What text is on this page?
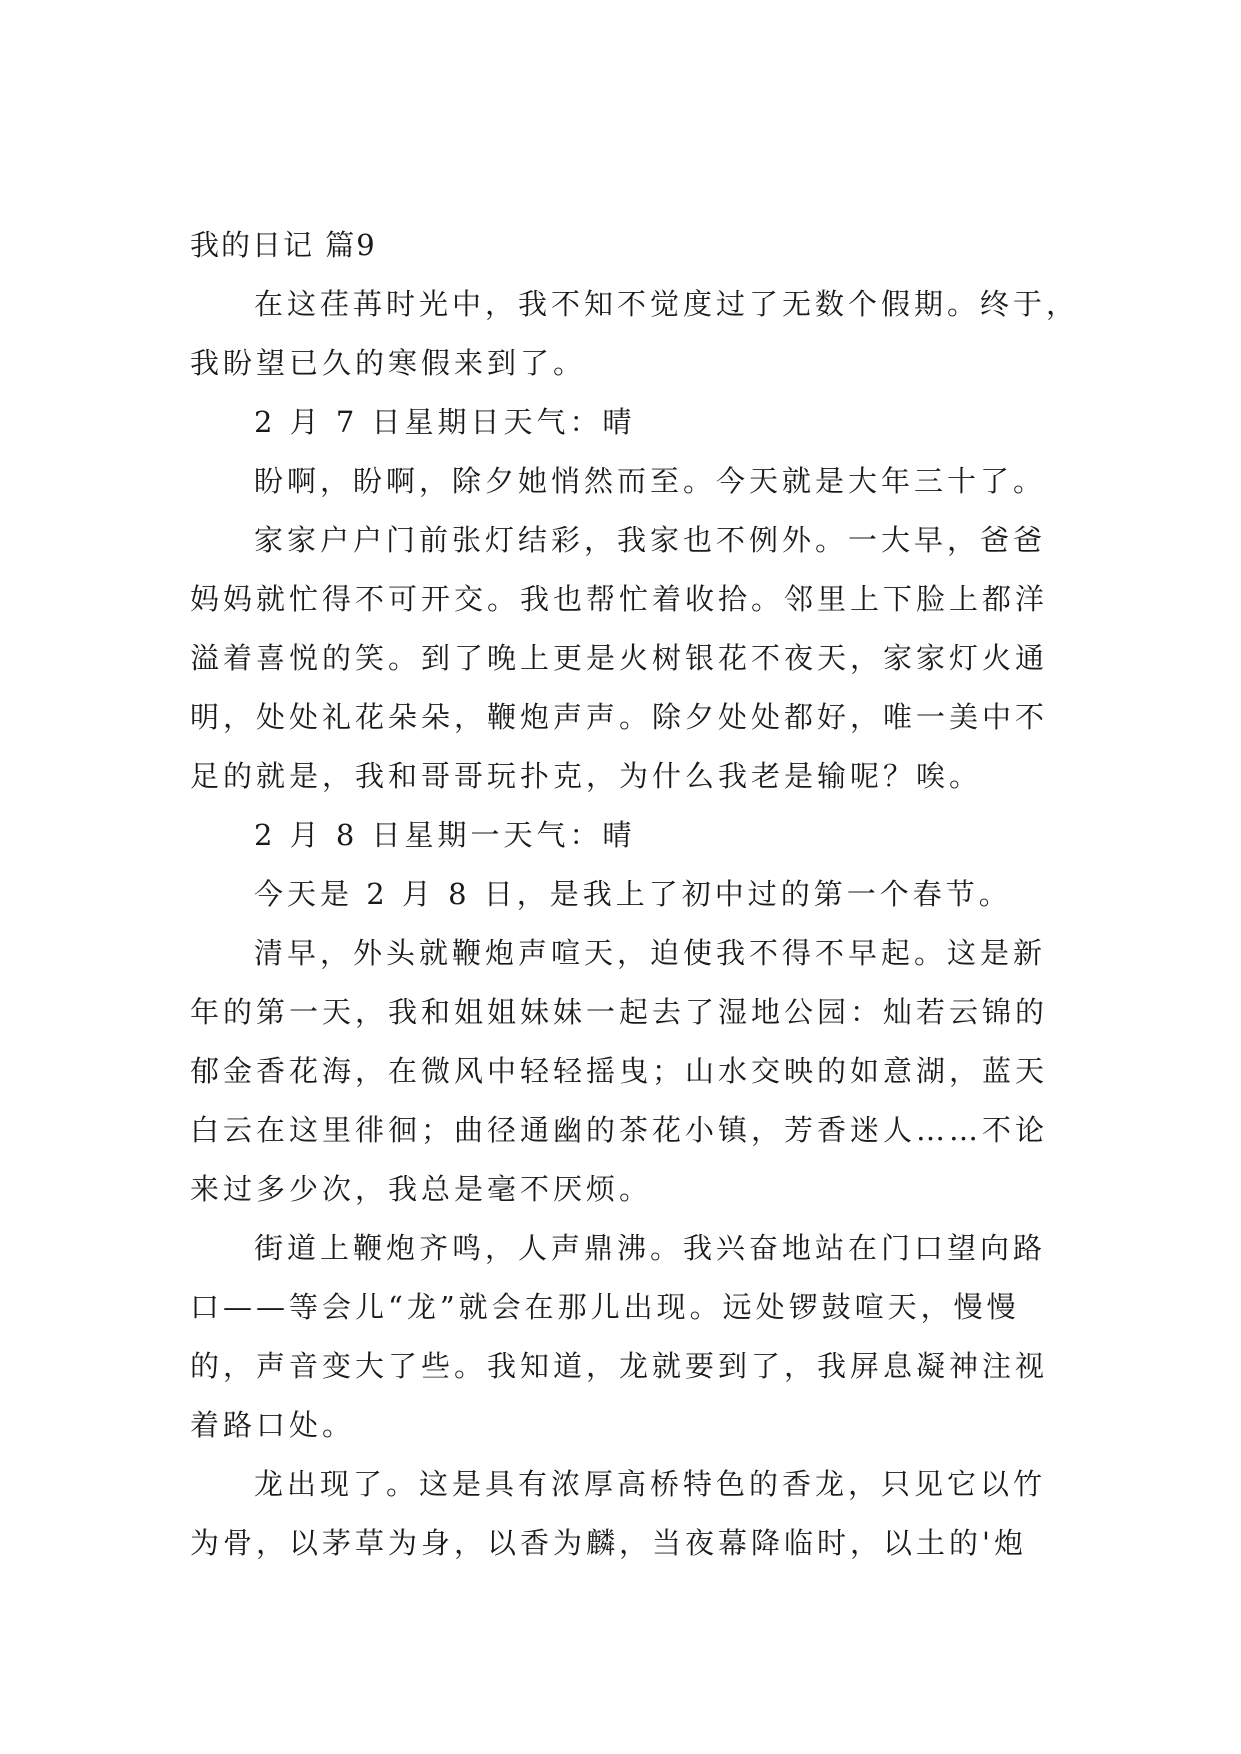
我的日记 篇9
在这荏苒时光中，我不知不觉度过了无数个假期。终于，
我盼望已久的寒假来到了。
2 月 7 日星期日天气：晴
盼啊，盼啊，除夕她悄然而至。今天就是大年三十了。
家家户户门前张灯结彩，我家也不例外。一大早，爸爸
妈妈就忙得不可开交。我也帮忙着收拾。邻里上下脸上都洋
溢着喜悦的笑。到了晚上更是火树银花不夜天，家家灯火通
明，处处礼花朵朵，鞭炮声声。除夕处处都好，唯一美中不
足的就是，我和哥哥玩扑克，为什么我老是输呢？唉。
2 月 8 日星期一天气：晴
今天是 2 月 8 日，是我上了初中过的第一个春节。
清早，外头就鞭炮声喧天，迫使我不得不早起。这是新
年的第一天，我和姐姐妹妹一起去了湿地公园：灿若云锦的
郁金香花海，在微风中轻轻摇曳；山水交映的如意湖，蓝天
白云在这里徘徊；曲径通幽的茶花小镇，芳香迷人……不论
来过多少次，我总是毫不厌烦。
街道上鞭炮齐鸣，人声鼎沸。我兴奋地站在门口望向路
口——等会儿“龙”就会在那儿出现。远处锣鼓喧天，慢慢
的，声音变大了些。我知道，龙就要到了，我屏息凝神注视
着路口处。
龙出现了。这是具有浓厚高桥特色的香龙，只见它以竹
为骨，以茅草为身，以香为麟，当夜幕降临时，以土的'炮
